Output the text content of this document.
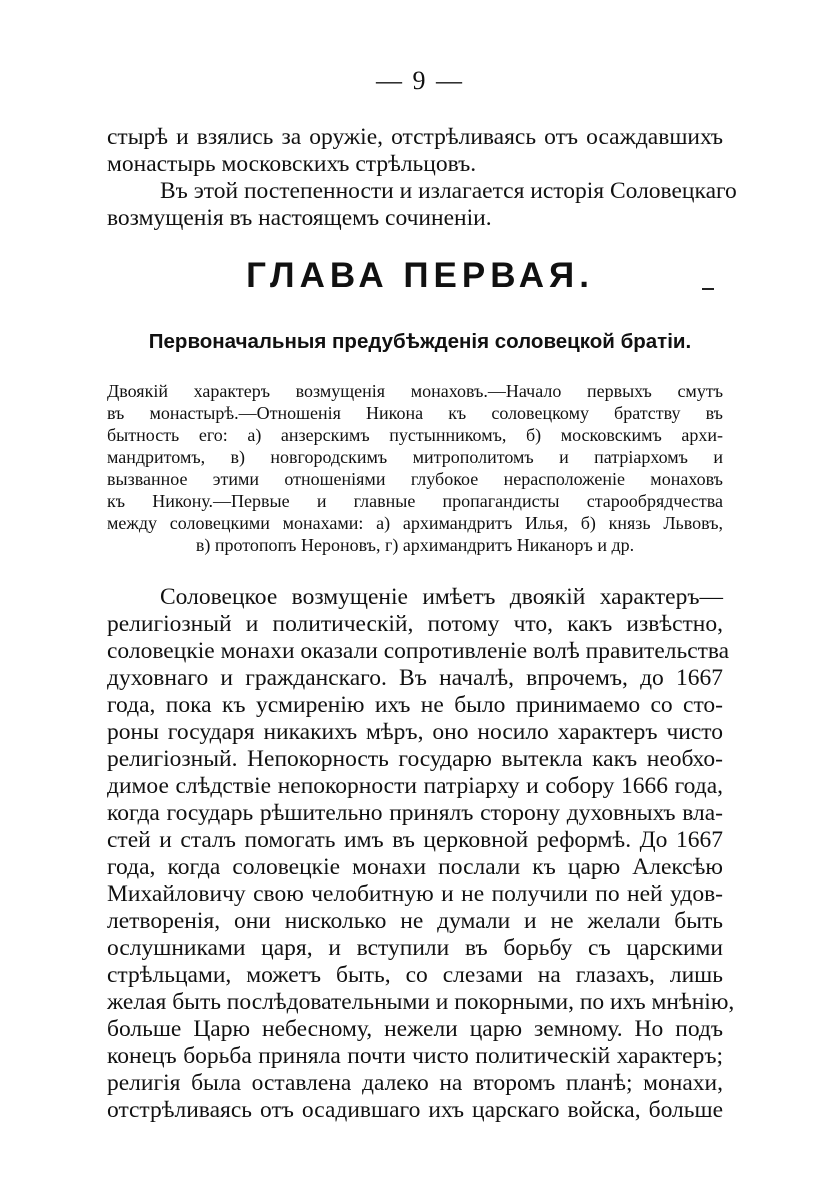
— 9 —
стырѣ и взялись за оружіе, отстрѣливаясь отъ осаждавшихъ
монастырь московскихъ стрѣльцовъ.
Въ этой постепенности и излагается исторія Соловецкаго
возмущенія въ настоящемъ сочиненіи.
ГЛАВА ПЕРВАЯ.
Первоначальныя предубѣжденія соловецкой братіи.
Двоякій характеръ возмущенія монаховъ.—Начало первыхъ смутъ
въ монастырѣ.—Отношенія Никона къ соловецкому братству въ
бытность его: а) анзерскимъ пустынникомъ, б) московскимъ архи-
мандритомъ, в) новгородскимъ митрополитомъ и патріархомъ и
вызванное этими отношеніями глубокое нерасположеніе монаховъ
къ Никону.—Первые и главные пропагандисты старообрядчества
между соловецкими монахами: а) архимандритъ Илья, б) князь Львовъ,
в) протопопъ Нероновъ, г) архимандритъ Никаноръ и др.
Соловецкое возмущеніе имѣетъ двоякій характеръ—
религіозный и политическій, потому что, какъ извѣстно,
соловецкіе монахи оказали сопротивленіе волѣ правительства
духовнаго и гражданскаго. Въ началѣ, впрочемъ, до 1667
года, пока къ усмиренію ихъ не было принимаемо со сто-
роны государя никакихъ мѣръ, оно носило характеръ чисто
религіозный. Непокорность государю вытекла какъ необхо-
димое слѣдствіе непокорности патріарху и собору 1666 года,
когда государь рѣшительно принялъ сторону духовныхъ вла-
стей и сталъ помогать имъ въ церковной реформѣ. До 1667
года, когда соловецкіе монахи послали къ царю Алексѣю
Михайловичу свою челобитную и не получили по ней удов-
летворенія, они нисколько не думали и не желали быть
ослушниками царя, и вступили въ борьбу съ царскими
стрѣльцами, можетъ быть, со слезами на глазахъ, лишь
желая быть послѣдовательными и покорными, по ихъ мнѣнію,
больше Царю небесному, нежели царю земному. Но подъ
конецъ борьба приняла почти чисто политическій характеръ;
религія была оставлена далеко на второмъ планѣ; монахи,
отстрѣливаясь отъ осадившаго ихъ царскаго войска, больше
